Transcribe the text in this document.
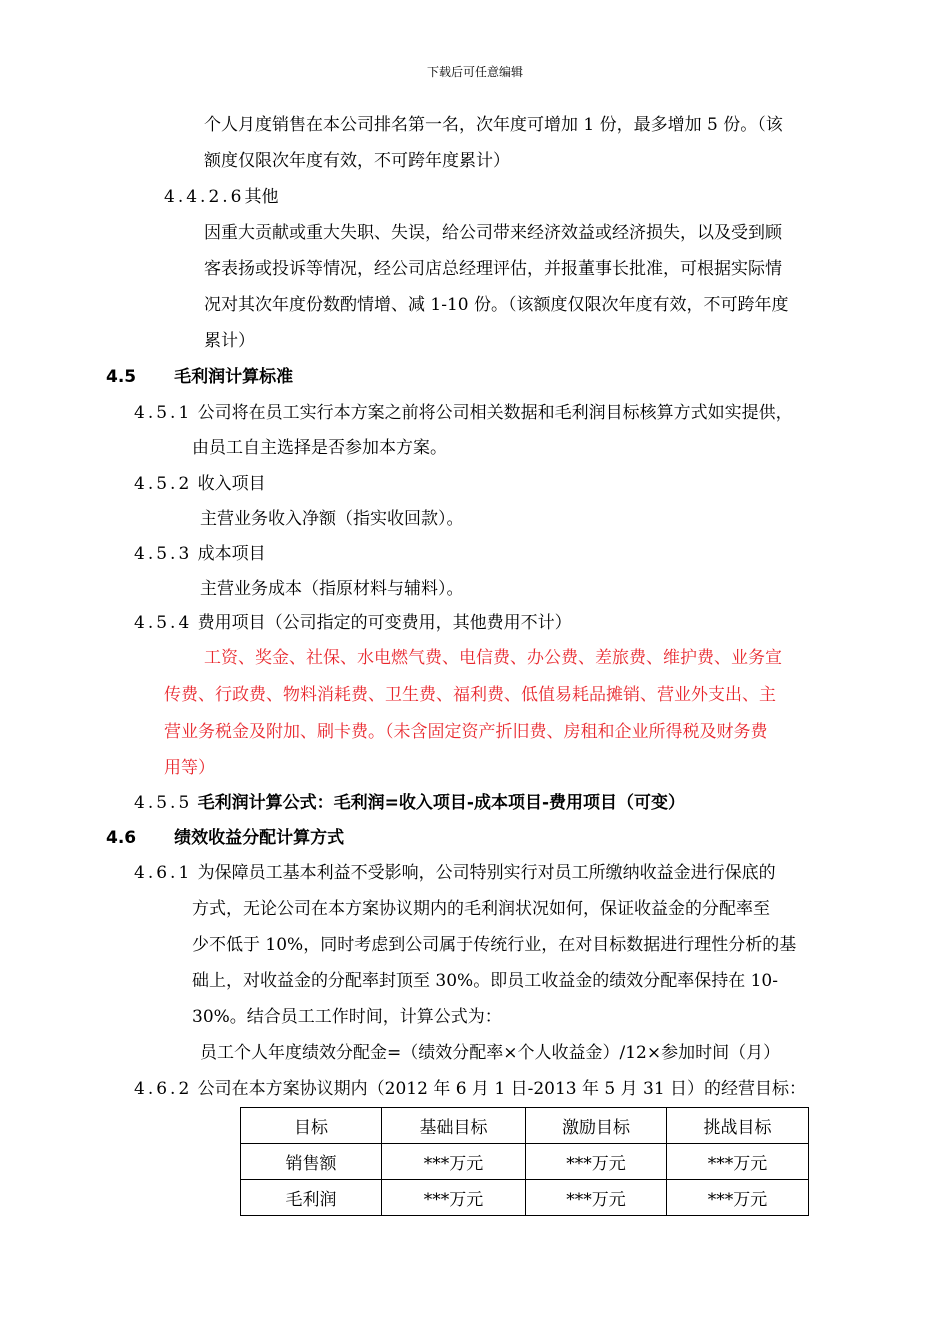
下载后可任意编辑
个人月度销售在本公司排名第一名，次年度可增加 1 份，最多增加 5 份。（该
额度仅限次年度有效，不可跨年度累计）
4.4.2.6其他
因重大贡献或重大失职、失误，给公司带来经济效益或经济损失，以及受到顾
客表扬或投诉等情况，经公司店总经理评估，并报董事长批准，可根据实际情
况对其次年度份数酌情增、减 1-10 份。（该额度仅限次年度有效，不可跨年度
累计）
4.5 毛利润计算标准
4.5.1 公司将在员工实行本方案之前将公司相关数据和毛利润目标核算方式如实提供，
由员工自主选择是否参加本方案。
4.5.2 收入项目
主营业务收入净额（指实收回款）。
4.5.3 成本项目
主营业务成本（指原材料与辅料）。
4.5.4 费用项目（公司指定的可变费用，其他费用不计）
工资、奖金、社保、水电燃气费、电信费、办公费、差旅费、维护费、业务宣
传费、行政费、物料消耗费、卫生费、福利费、低值易耗品摊销、营业外支出、主
营业务税金及附加、刷卡费。（未含固定资产折旧费、房租和企业所得税及财务费
用等）
4.5.5 毛利润计算公式：毛利润=收入项目-成本项目-费用项目（可变）
4.6 绩效收益分配计算方式
4.6.1 为保障员工基本利益不受影响，公司特别实行对员工所缴纳收益金进行保底的
方式，无论公司在本方案协议期内的毛利润状况如何，保证收益金的分配率至
少不低于 10%，同时考虑到公司属于传统行业，在对目标数据进行理性分析的基
础上，对收益金的分配率封顶至 30%。即员工收益金的绩效分配率保持在 10-
30%。结合员工工作时间，计算公式为：
员工个人年度绩效分配金=（绩效分配率×个人收益金）/12×参加时间（月）
4.6.2 公司在本方案协议期内（2012 年 6 月 1 日-2013 年 5 月 31 日）的经营目标：
目标	基础目标	激励目标	挑战目标
销售额	***万元	***万元	***万元
毛利润	***万元	***万元	***万元
